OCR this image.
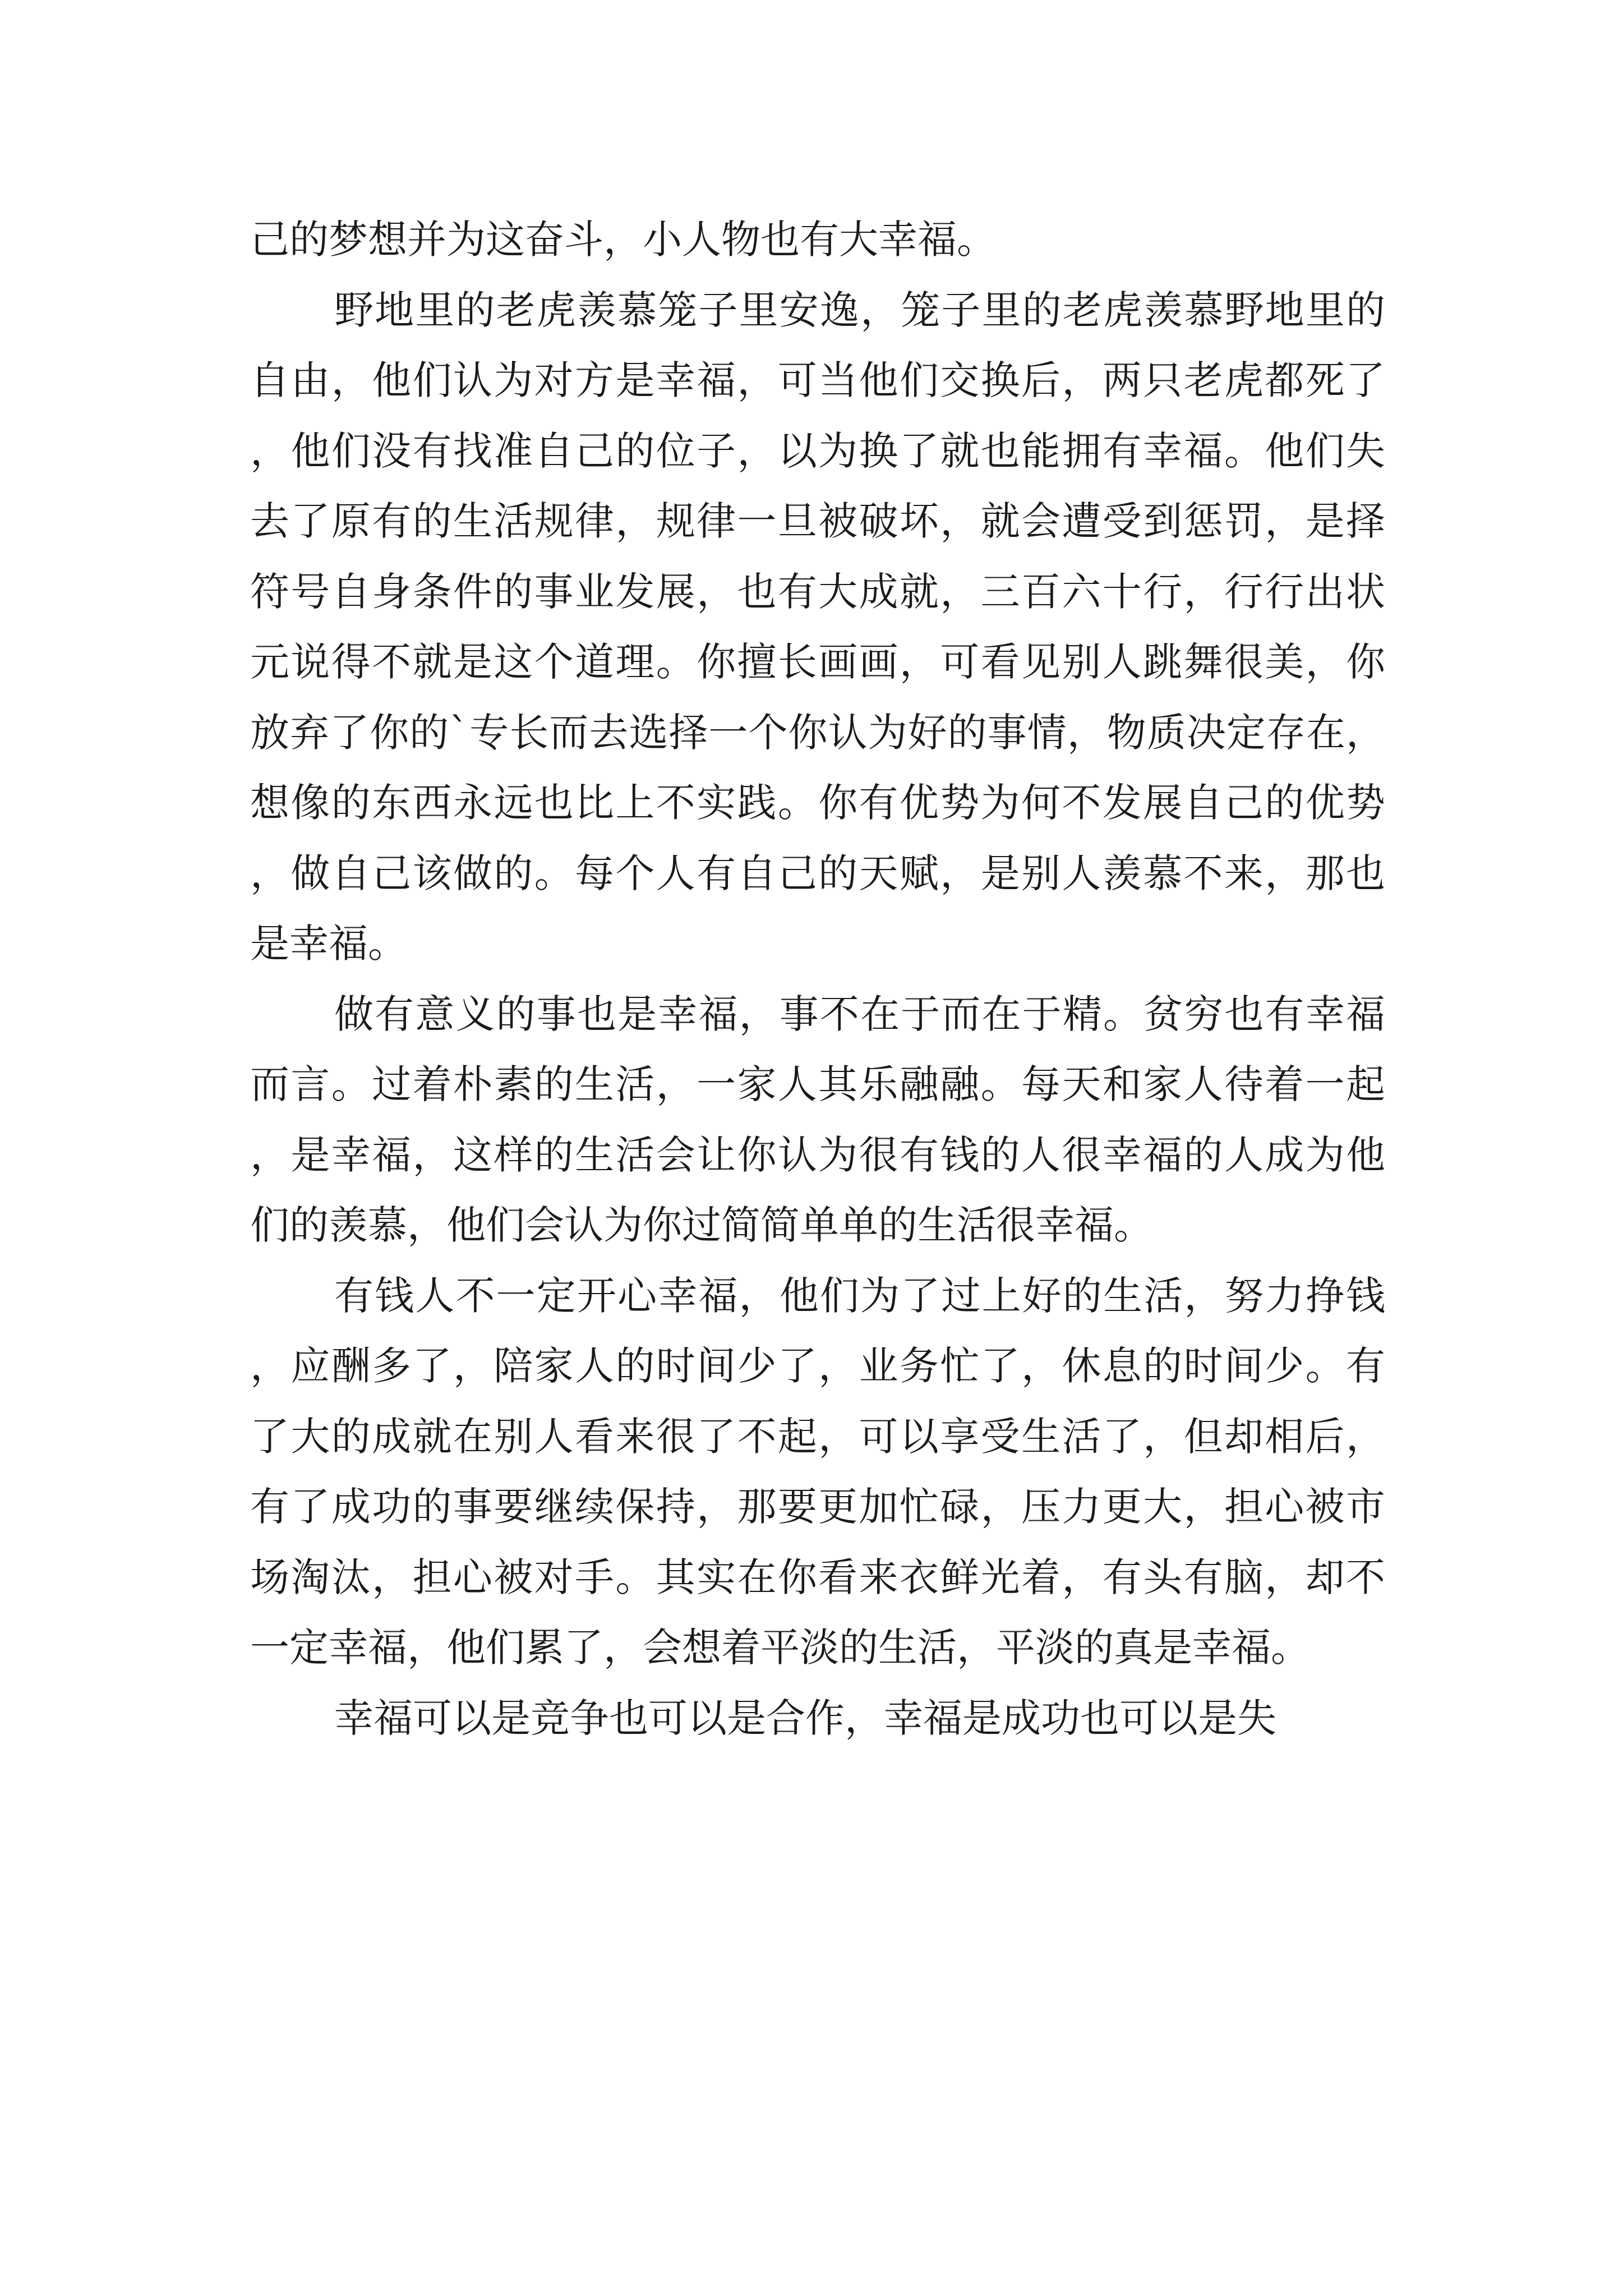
己的梦想并为这奋斗，小人物也有大幸福。

野地里的老虎羡慕笼子里安逸，笼子里的老虎羡慕野地里的自由，他们认为对方是幸福，可当他们交换后，两只老虎都死了，他们没有找准自己的位子，以为换了就也能拥有幸福。他们失去了原有的生活规律，规律一旦被破坏，就会遭受到惩罚，是择符号自身条件的事业发展，也有大成就，三百六十行，行行出状元说得不就是这个道理。你擅长画画，可看见别人跳舞很美，你放弃了你的`专长而去选择一个你认为好的事情，物质决定存在，想像的东西永远也比上不实践。你有优势为何不发展自己的优势，做自己该做的。每个人有自己的天赋，是别人羡慕不来，那也是幸福。

做有意义的事也是幸福，事不在于而在于精。贫穷也有幸福而言。过着朴素的生活，一家人其乐融融。每天和家人待着一起，是幸福，这样的生活会让你认为很有钱的人很幸福的人成为他们的羡慕，他们会认为你过简简单单的生活很幸福。

有钱人不一定开心幸福，他们为了过上好的生活，努力挣钱，应酬多了，陪家人的时间少了，业务忙了，休息的时间少。有了大的成就在别人看来很了不起，可以享受生活了，但却相后，有了成功的事要继续保持，那要更加忙碌，压力更大，担心被市场淘汰，担心被对手。其实在你看来衣鲜光着，有头有脑，却不一定幸福，他们累了，会想着平淡的生活，平淡的真是幸福。

幸福可以是竞争也可以是合作，幸福是成功也可以是失
